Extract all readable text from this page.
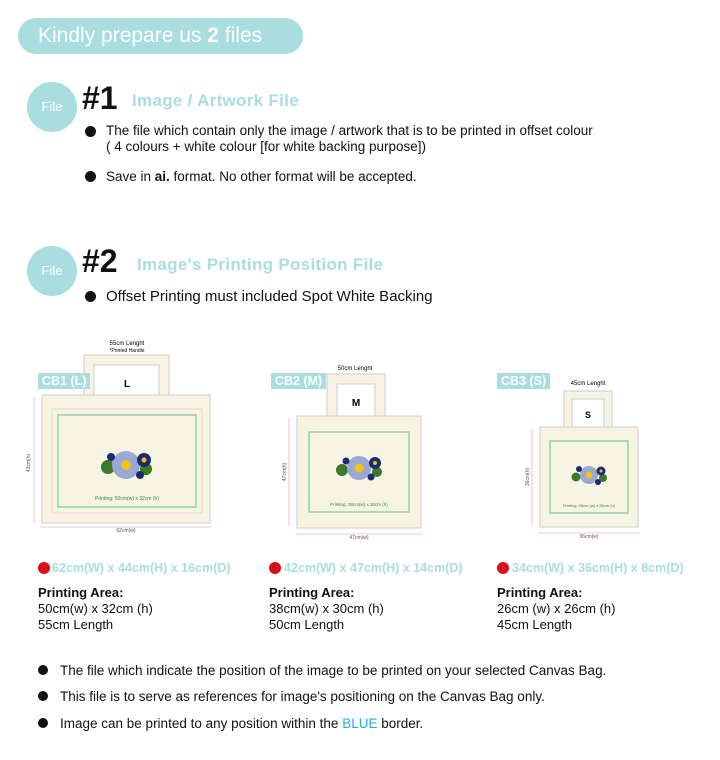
Kindly prepare us 2 files
File #1 Image / Artwork File
The file which contain only the image / artwork that is to be printed in offset colour
( 4 colours + white colour [for white backing purpose])
Save in ai. format. No other format will be accepted.
File #2 Image's Printing Position File
Offset Printing must included Spot White Backing
55cm Lenght
*Printed Handle
L
62cm(w)
43cm(h)
Printing: 50cm(w) x 32cm (h)
CB1 (L)
50cm Lenght
M
47cm(w)
47cm(h)
Printing: 38cm(w) x 30cm (h)
CB2 (M)	45cm Lenght
S
36cm(w)
36cm(h)
Printing: 26cm (w) x 26cm (h)
CB3 (S)
62cm(W) x 44cm(H) x 16cm(D)
Printing Area:
50cm(w) x 32cm (h)
55cm Length
42cm(W) x 47cm(H) x 14cm(D)
Printing Area:
38cm(w) x 30cm (h)
50cm Length
34cm(W) x 36cm(H) x 8cm(D)
Printing Area:
26cm (w) x 26cm (h)
45cm Length
The file which indicate the position of the image to be printed on your selected Canvas Bag.
This file is to serve as references for image's positioning on the Canvas Bag only.
Image can be printed to any position within the BLUE border.
